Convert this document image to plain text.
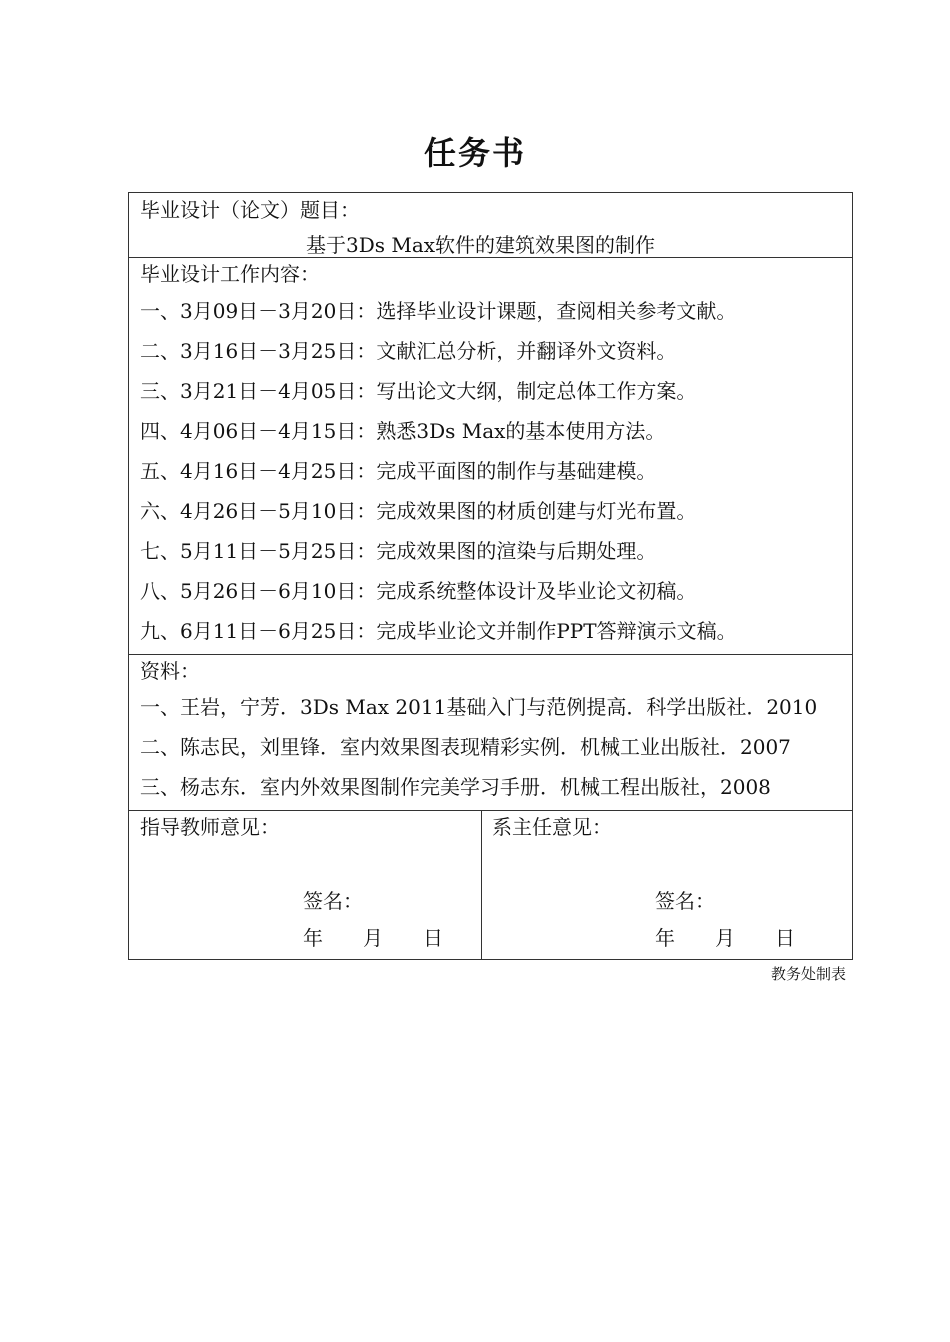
任务书
毕业设计（论文）题目：
基于3Ds Max软件的建筑效果图的制作
毕业设计工作内容：
一、3月09日－3月20日：选择毕业设计课题，查阅相关参考文献。
二、3月16日－3月25日：文献汇总分析，并翻译外文资料。
三、3月21日－4月05日：写出论文大纲，制定总体工作方案。
四、4月06日－4月15日：熟悉3Ds Max的基本使用方法。
五、4月16日－4月25日：完成平面图的制作与基础建模。
六、4月26日－5月10日：完成效果图的材质创建与灯光布置。
七、5月11日－5月25日：完成效果图的渲染与后期处理。
八、5月26日－6月10日：完成系统整体设计及毕业论文初稿。
九、6月11日－6月25日：完成毕业论文并制作PPT答辩演示文稿。
资料：
一、王岩，宁芳．3Ds Max 2011基础入门与范例提高．科学出版社．2010
二、陈志民，刘里锋．室内效果图表现精彩实例．机械工业出版社．2007
三、杨志东．室内外效果图制作完美学习手册．机械工程出版社，2008
指导教师意见：
签名：
年　　月　　日
系主任意见：
签名：
年　　月　　日
教务处制表
